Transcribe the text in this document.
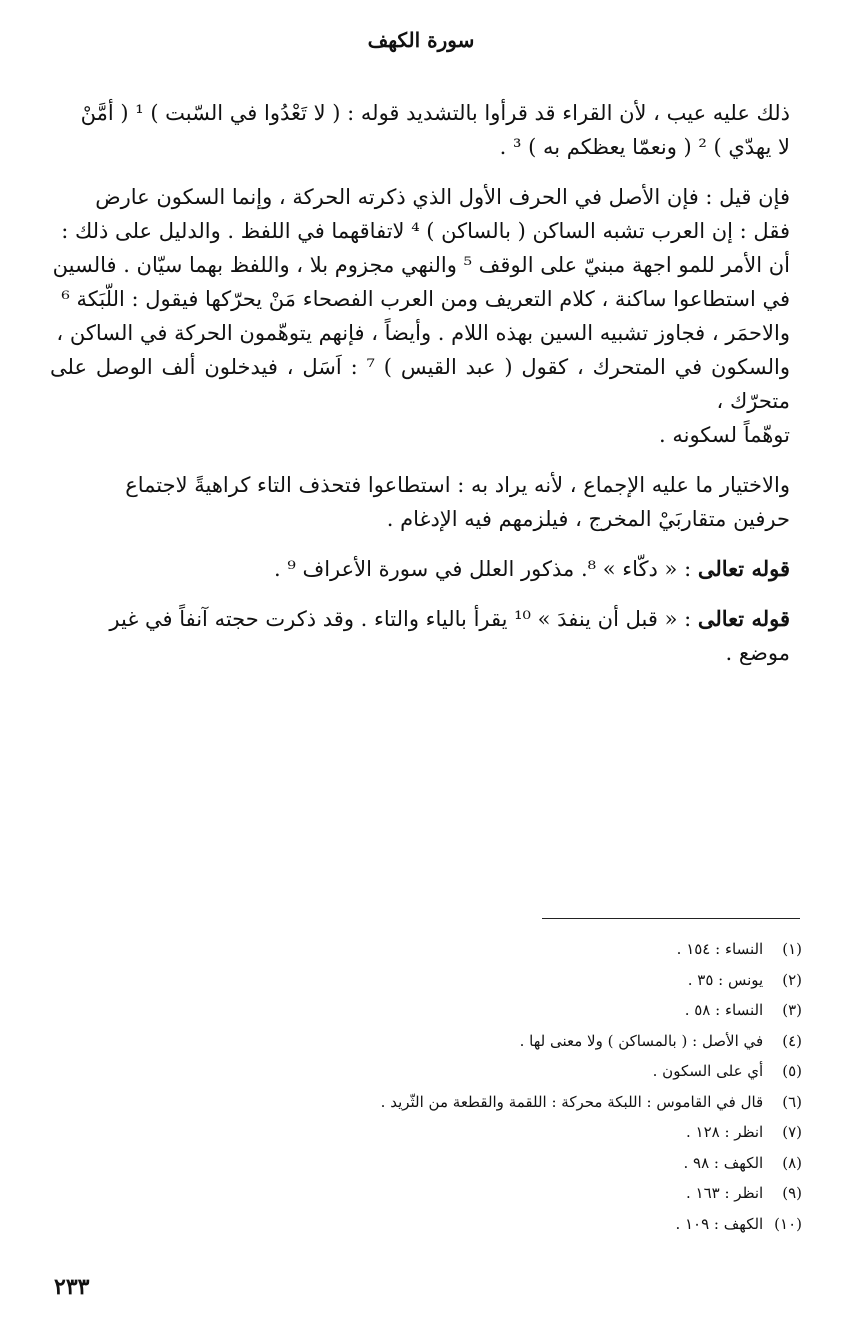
سورة الكهف

ذلك عليه عيب ، لأن القراء قد قرأوا بالتشديد قوله : ( لا تَعْدُوا في السّبت ) ¹ ( أمَّنْ
لا يهدّي ) ² ( ونعمّا يعظكم به ) ³ .

فإن قيل : فإن الأصل في الحرف الأول الذي ذكرته الحركة ، وإنما السكون عارض
فقل : إن العرب تشبه الساكن ( بالساكن ) ⁴ لاتفاقهما في اللفظ . والدليل على ذلك :
أن الأمر للمو اجهة مبنيّ على الوقف ⁵ والنهي مجزوم بلا ، واللفظ بهما سيّان . فالسين
في استطاعوا ساكنة ، كلام التعريف ومن العرب الفصحاء مَنْ يحرّكها فيقول : اللّبَكة ⁶
والاحمَر ، فجاوز تشبيه السين بهذه اللام . وأيضاً ، فإنهم يتوهّمون الحركة في الساكن ،
والسكون في المتحرك ، كقول ( عبد القيس ) ⁷ : اَسَل ، فيدخلون ألف الوصل على متحرّك ،
توهّماً لسكونه .

والاختيار ما عليه الإجماع ، لأنه يراد به : استطاعوا فتحذف التاء كراهيةً لاجتماع
حرفين متقاربَيْ المخرج ، فيلزمهم فيه الإدغام .

قوله تعالى : « دكّاء » ⁸. مذكور العلل في سورة الأعراف ⁹ .

قوله تعالى : « قبل أن ينفدَ » ¹⁰ يقرأ بالياء والتاء . وقد ذكرت حجته آنفاً في غير
موضع .

(١) النساء : ١٥٤ .
(٢) يونس : ٣٥ .
(٣) النساء : ٥٨ .
(٤) في الأصل : ( بالمساكن ) ولا معنى لها .
(٥) أي على السكون .
(٦) قال في القاموس : اللبكة محركة : اللقمة والقطعة من الثّريد .
(٧) انظر : ١٢٨ .
(٨) الكهف : ٩٨ .
(٩) انظر : ١٦٣ .
(١٠) الكهف : ١٠٩ .
٢٣٣
